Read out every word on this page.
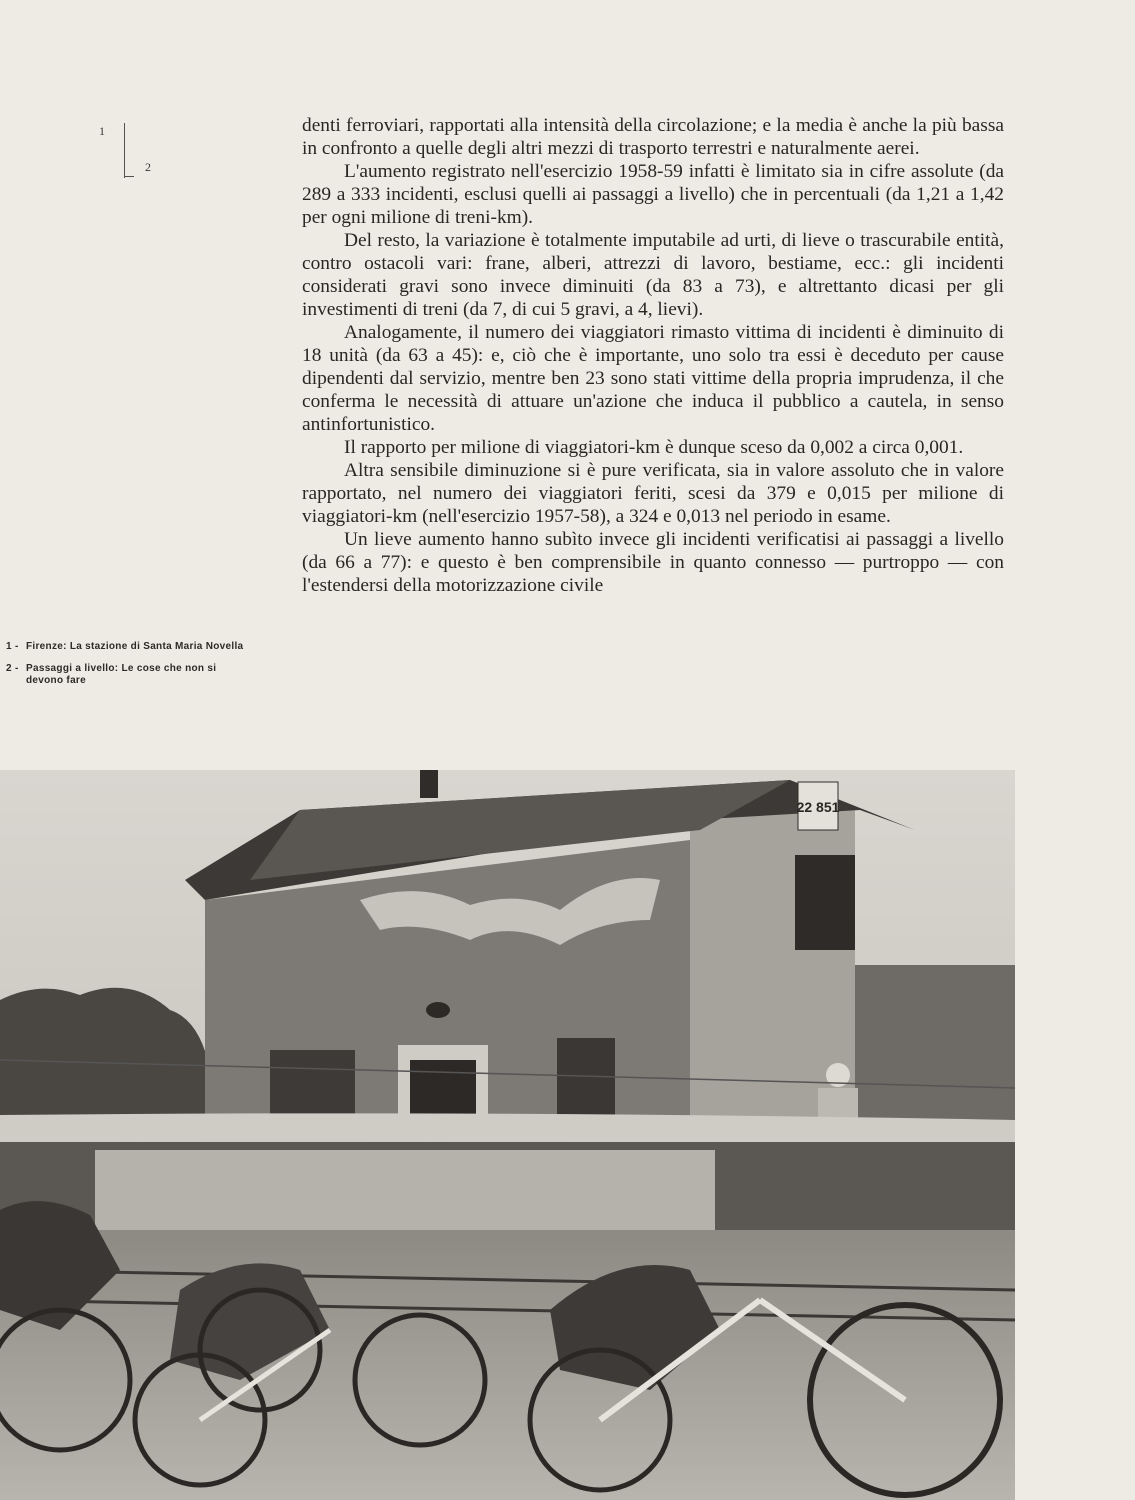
1
2
1 - Firenze: La stazione di Santa Maria Novella
2 - Passaggi a livello: Le cose che non si devono fare

denti ferroviari, rapportati alla intensità della circolazione; e la media è anche la più bassa in confronto a quelle degli altri mezzi di trasporto terrestri e naturalmente aerei.

L'aumento registrato nell'esercizio 1958-59 infatti è limitato sia in cifre assolute (da 289 a 333 incidenti, esclusi quelli ai passaggi a livello) che in percentuali (da 1,21 a 1,42 per ogni milione di treni-km).

Del resto, la variazione è totalmente imputabile ad urti, di lieve o trascurabile entità, contro ostacoli vari: frane, alberi, attrezzi di lavoro, bestiame, ecc.: gli incidenti considerati gravi sono invece diminuiti (da 83 a 73), e altrettanto dicasi per gli investimenti di treni (da 7, di cui 5 gravi, a 4, lievi).

Analogamente, il numero dei viaggiatori rimasto vittima di incidenti è diminuito di 18 unità (da 63 a 45): e, ciò che è importante, uno solo tra essi è deceduto per cause dipendenti dal servizio, mentre ben 23 sono stati vittime della propria imprudenza, il che conferma le necessità di attuare un'azione che induca il pubblico a cautela, in senso antinfortunistico.

Il rapporto per milione di viaggiatori-km è dunque sceso da 0,002 a circa 0,001.

Altra sensibile diminuzione si è pure verificata, sia in valore assoluto che in valore rapportato, nel numero dei viaggiatori feriti, scesi da 379 e 0,015 per milione di viaggiatori-km (nell'esercizio 1957-58), a 324 e 0,013 nel periodo in esame.

Un lieve aumento hanno subìto invece gli incidenti verificatisi ai passaggi a livello (da 66 a 77): e questo è ben comprensibile in quanto connesso — purtroppo — con l'estendersi della motorizzazione civile

22 851
